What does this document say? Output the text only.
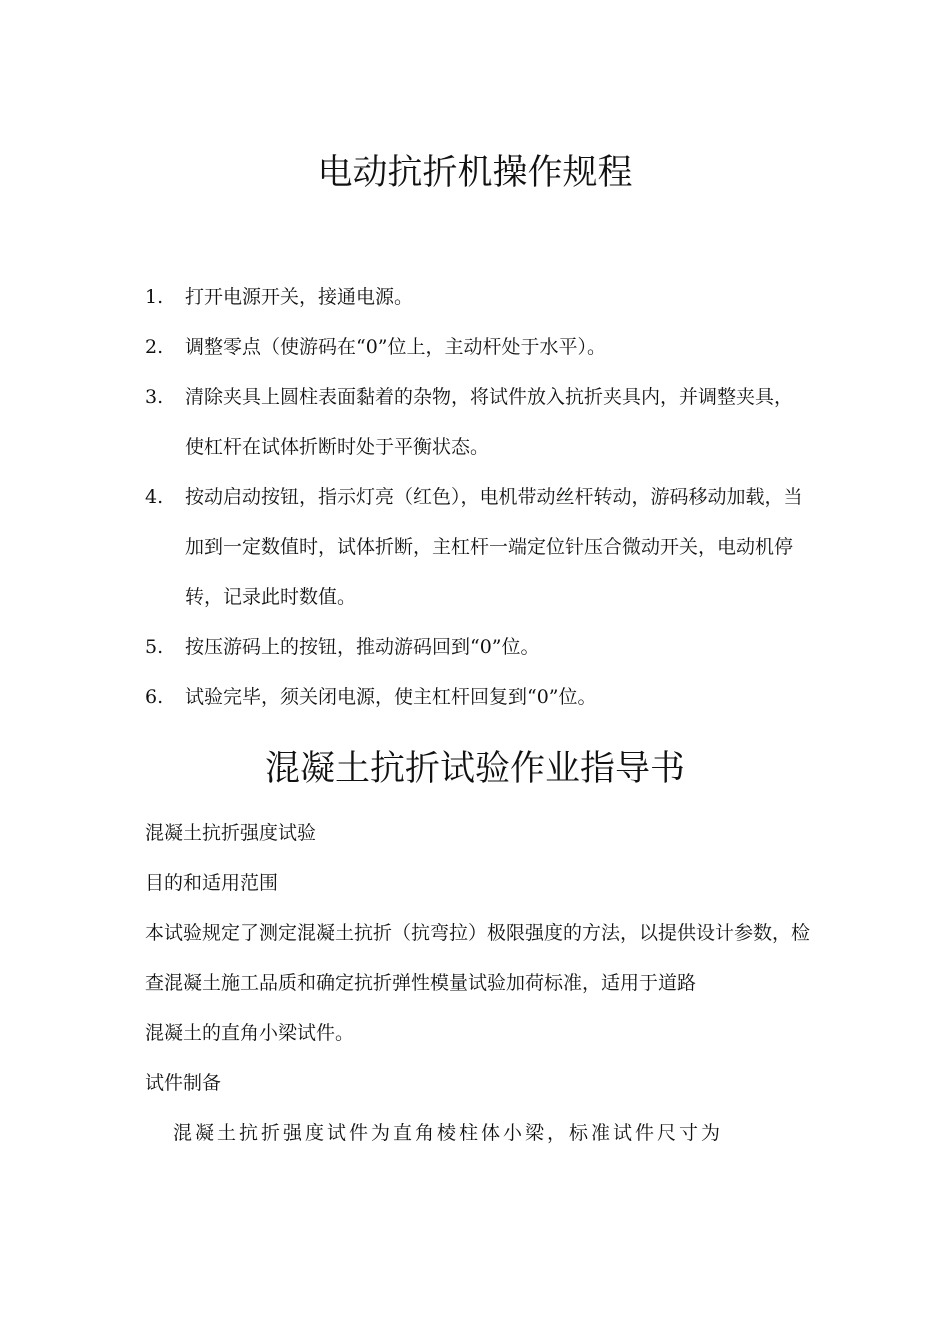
电动抗折机操作规程
1.	打开电源开关，接通电源。
2.	调整零点（使游码在“0”位上，主动杆处于水平）。
3.	清除夹具上圆柱表面黏着的杂物，将试件放入抗折夹具内，并调整夹具，使杠杆在试体折断时处于平衡状态。
4.	按动启动按钮，指示灯亮（红色），电机带动丝杆转动，游码移动加载，当加到一定数值时，试体折断，主杠杆一端定位针压合微动开关，电动机停转，记录此时数值。
5.	按压游码上的按钮，推动游码回到“0”位。
6.	试验完毕，须关闭电源，使主杠杆回复到“0”位。
混凝土抗折试验作业指导书

混凝土抗折强度试验

目的和适用范围

本试验规定了测定混凝土抗折（抗弯拉）极限强度的方法，以提供设计参数，检查混凝土施工品质和确定抗折弹性模量试验加荷标准，适用于道路

混凝土的直角小梁试件。

试件制备

混凝土抗折强度试件为直角棱柱体小梁，标准试件尺寸为
